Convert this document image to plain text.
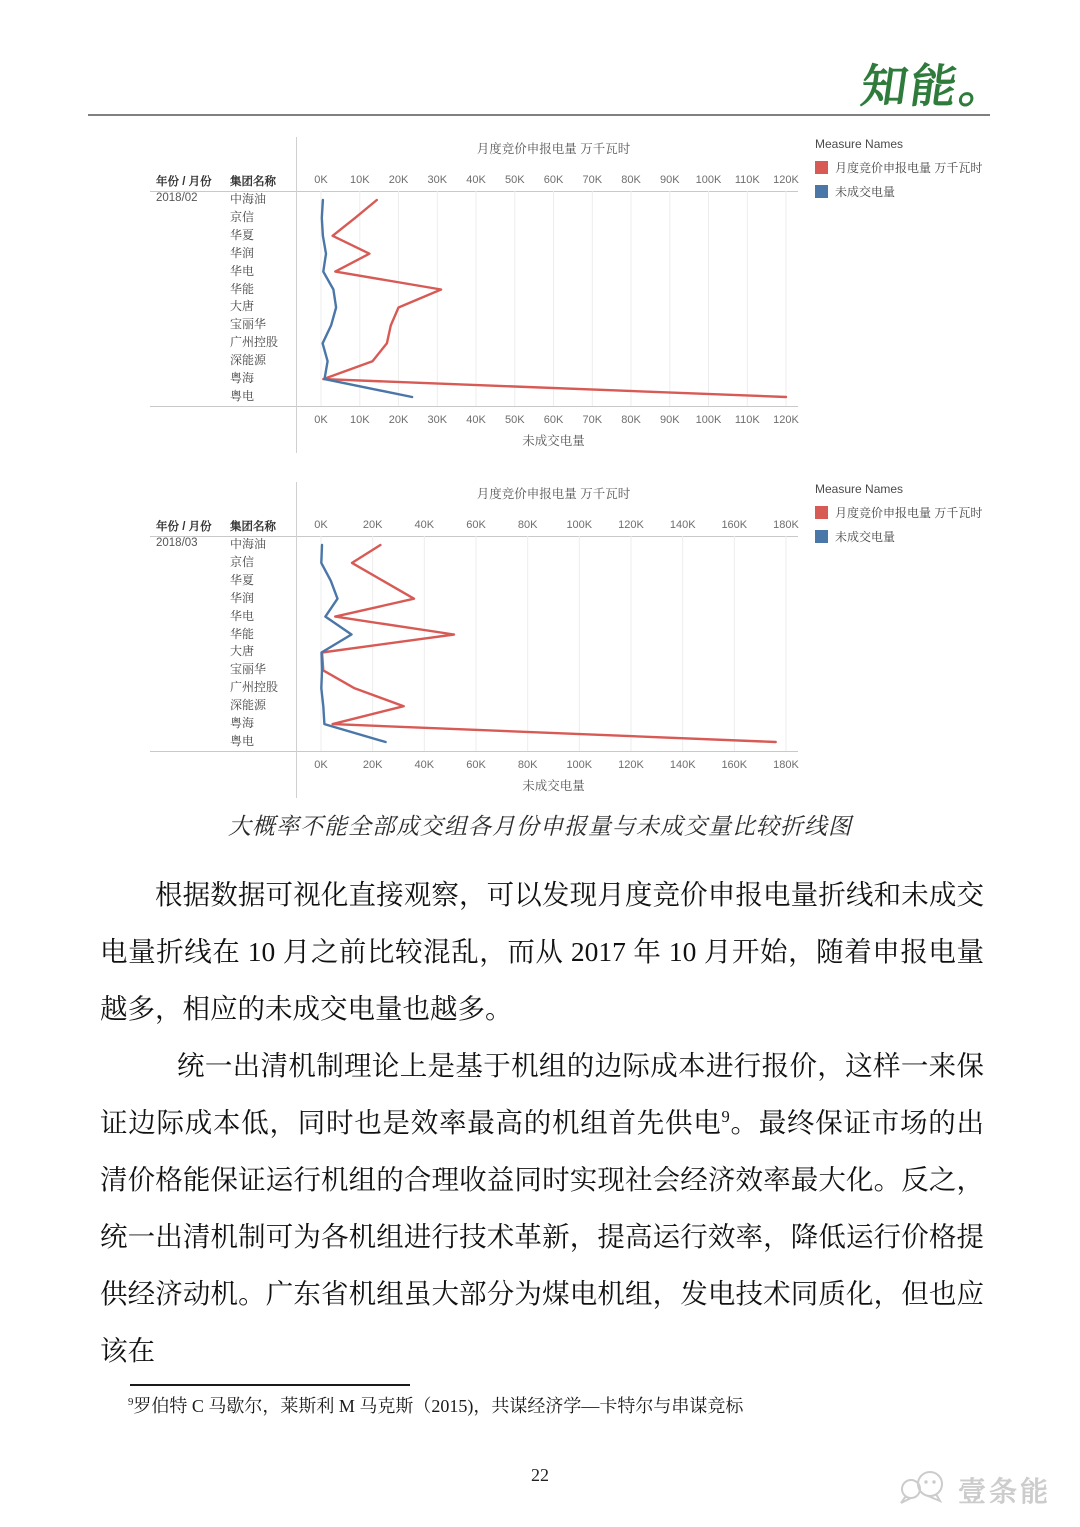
知能。
年份 / 月份 集团名称
2018/02	中海油
京信
华夏
华润
华电
华能
大唐
宝丽华
广州控股
深能源
粤海
粤电
月度竞价申报电量 万千瓦时
0K
0K
10K
10K
20K
20K
30K
30K
40K
40K
50K
50K
60K
60K
70K
70K
80K
80K
90K
90K
100K
100K
110K
110K
120K
120K
未成交电量
Measure Names
月度竞价申报电量 万千瓦时
未成交电量
年份 / 月份 集团名称
2018/03	中海油
京信
华夏
华润
华电
华能
大唐
宝丽华
广州控股
深能源
粤海
粤电
月度竞价申报电量 万千瓦时
0K
0K
20K
20K
40K
40K
60K
60K
80K
80K
100K
100K
120K
120K
140K
140K
160K
160K
180K
180K
未成交电量
Measure Names
月度竞价申报电量 万千瓦时
未成交电量
大概率不能全部成交组各月份申报量与未成交量比较折线图

根据数据可视化直接观察，可以发现月度竞价申报电量折线和未成交电量折线在 10 月之前比较混乱，而从 2017 年 10 月开始，随着申报电量越多，相应的未成交电量也越多。

统一出清机制理论上是基于机组的边际成本进行报价，这样一来保证边际成本低，同时也是效率最高的机组首先供电$^9$。最终保证市场的出清价格能保证运行机组的合理收益同时实现社会经济效率最大化。反之，统一出清机制可为各机组进行技术革新，提高运行效率，降低运行价格提供经济动机。广东省机组虽大部分为煤电机组，发电技术同质化，但也应该在

$^9$罗伯特 C 马歇尔，莱斯利 M 马克斯（2015)，共谋经济学—卡特尔与串谋竞标
22
壹条能
